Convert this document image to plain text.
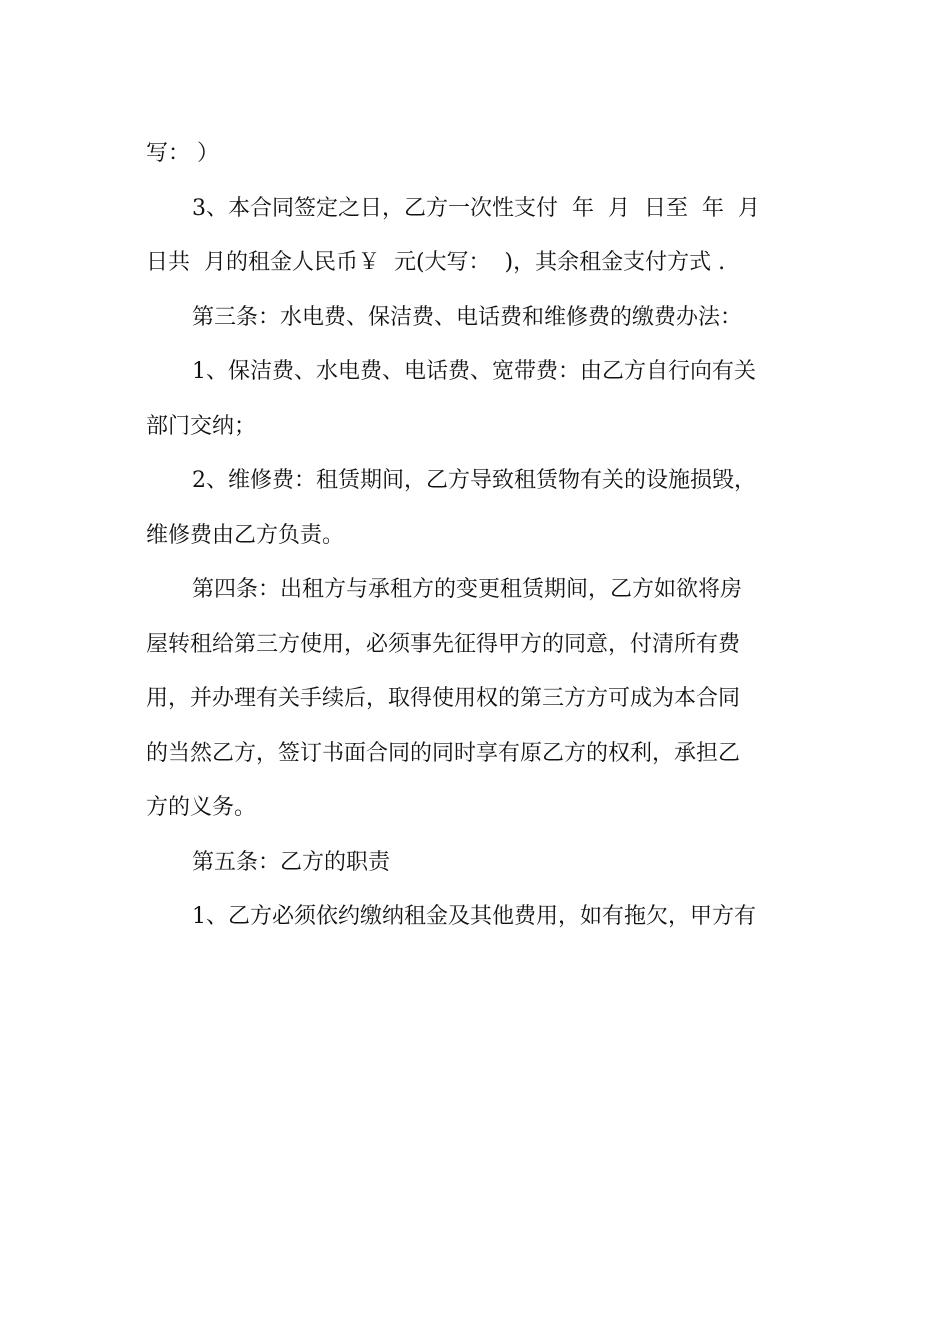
写： ）
3、本合同签定之日，乙方一次性支付  年  月  日至  年  月
日共  月的租金人民币￥  元(大写：  )，其余租金支付方式 .
第三条：水电费、保洁费、电话费和维修费的缴费办法：
1、保洁费、水电费、电话费、宽带费：由乙方自行向有关
部门交纳；
2、维修费：租赁期间，乙方导致租赁物有关的设施损毁，
维修费由乙方负责。
第四条：出租方与承租方的变更租赁期间，乙方如欲将房
屋转租给第三方使用，必须事先征得甲方的同意，付清所有费
用，并办理有关手续后，取得使用权的第三方方可成为本合同
的当然乙方，签订书面合同的同时享有原乙方的权利，承担乙
方的义务。
第五条：乙方的职责
1、乙方必须依约缴纳租金及其他费用，如有拖欠，甲方有
